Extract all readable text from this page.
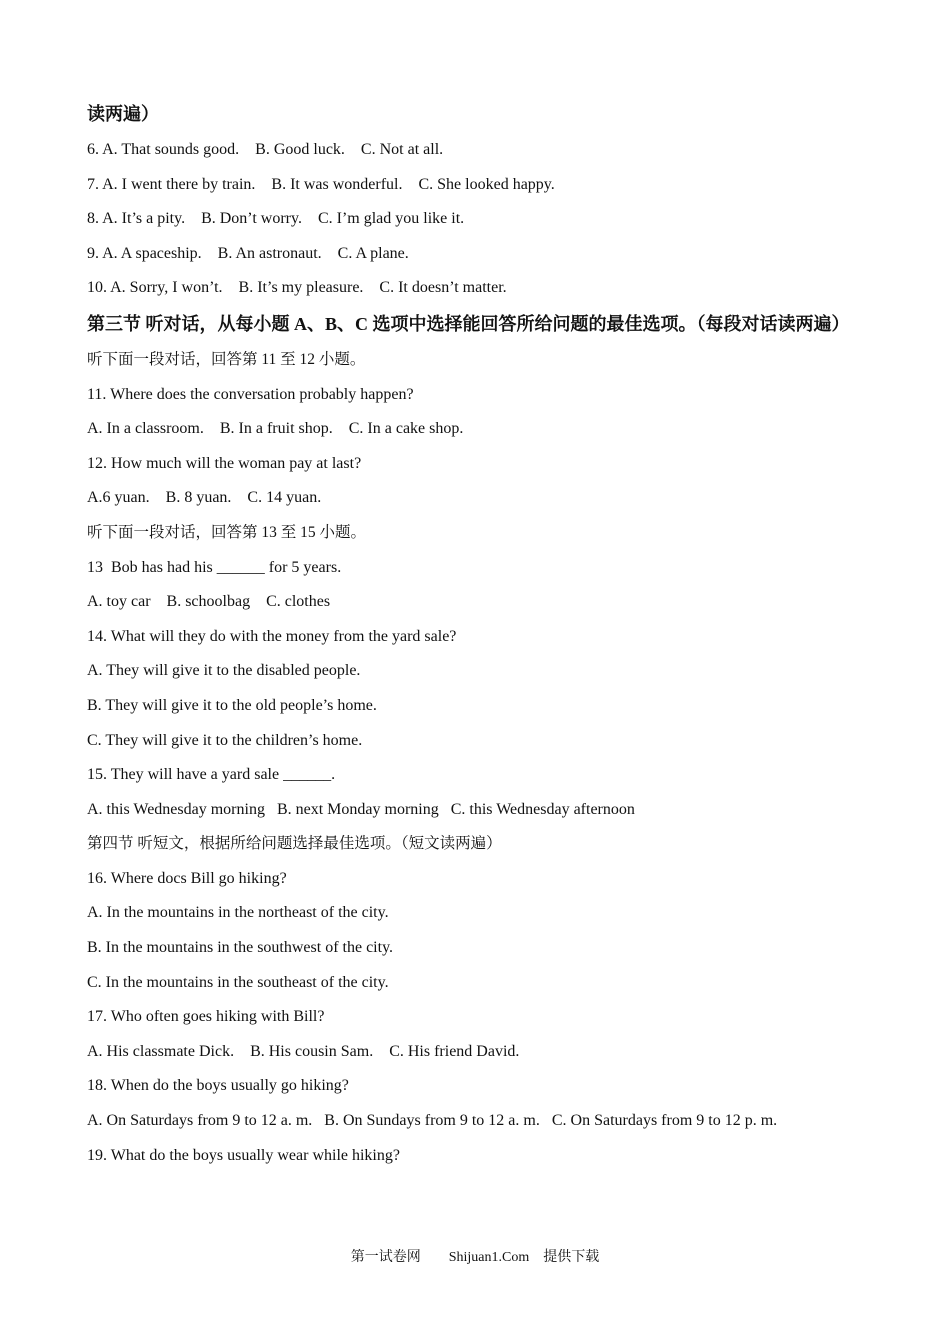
读两遍）

6. A. That sounds good.    B. Good luck.    C. Not at all.

7. A. I went there by train.    B. It was wonderful.    C. She looked happy.

8. A. It’s a pity.    B. Don’t worry.    C. I’m glad you like it.

9. A. A spaceship.    B. An astronaut.    C. A plane.

10. A. Sorry, I won’t.    B. It’s my pleasure.    C. It doesn’t matter.

第三节 听对话，从每小题 A、B、C 选项中选择能回答所给问题的最佳选项。（每段对话读两遍）

听下面一段对话，回答第 11 至 12 小题。

11. Where does the conversation probably happen?

A. In a classroom.    B. In a fruit shop.    C. In a cake shop.

12. How much will the woman pay at last?

A.6 yuan.    B. 8 yuan.    C. 14 yuan.

听下面一段对话，回答第 13 至 15 小题。

13  Bob has had his ______ for 5 years.

A. toy car    B. schoolbag    C. clothes

14. What will they do with the money from the yard sale?

A. They will give it to the disabled people.

B. They will give it to the old people’s home.

C. They will give it to the children’s home.

15. They will have a yard sale ______.

A. this Wednesday morning   B. next Monday morning   C. this Wednesday afternoon

第四节 听短文，根据所给问题选择最佳选项。（短文读两遍）

16. Where docs Bill go hiking?

A. In the mountains in the northeast of the city.

B. In the mountains in the southwest of the city.

C. In the mountains in the southeast of the city.

17. Who often goes hiking with Bill?

A. His classmate Dick.    B. His cousin Sam.    C. His friend David.

18. When do the boys usually go hiking?

A. On Saturdays from 9 to 12 a. m.   B. On Sundays from 9 to 12 a. m.   C. On Saturdays from 9 to 12 p. m.

19. What do the boys usually wear while hiking?

第一试卷网        Shijuan1.Com    提供下载
